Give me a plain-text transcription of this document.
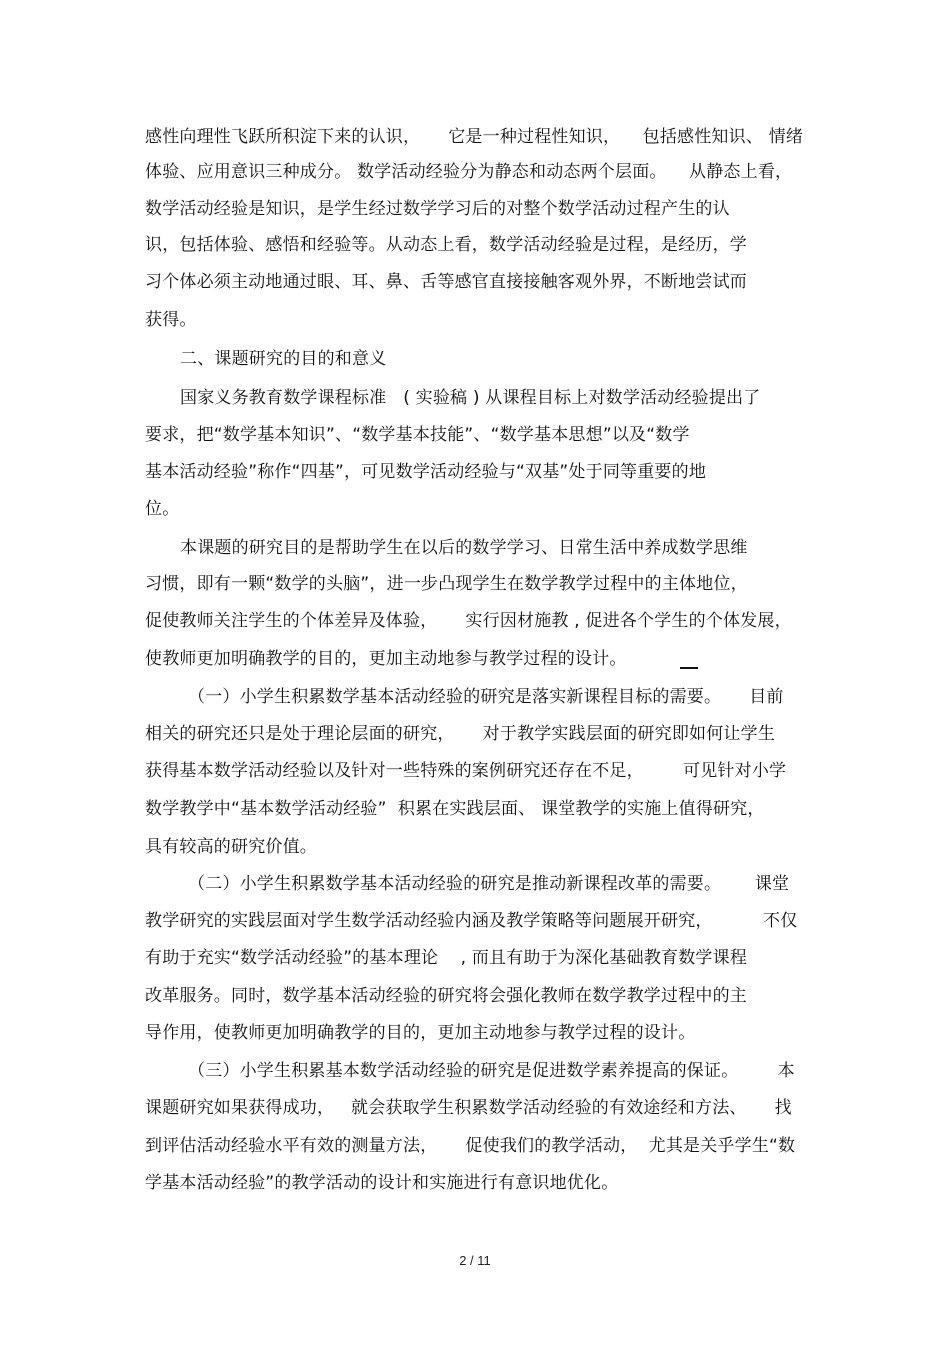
感性向理性飞跃所积淀下来的认识，     它是一种过程性知识，    包括感性知识、 情绪
体验、应用意识三种成分。 数学活动经验分为静态和动态两个层面。    从静态上看，
数学活动经验是知识，是学生经过数学学习后的对整个数学活动过程产生的认
识，包括体验、感悟和经验等。从动态上看，数学活动经验是过程，是经历，学
习个体必须主动地通过眼、耳、鼻、舌等感官直接接触客观外界，不断地尝试而
获得。
二、课题研究的目的和意义
国家义务教育数学课程标准   ( 实验稿 ) 从课程目标上对数学活动经验提出了
要求，把“数学基本知识”、“数学基本技能”、“数学基本思想”以及“数学
基本活动经验”称作“四基”，可见数学活动经验与“双基”处于同等重要的地
位。
本课题的研究目的是帮助学生在以后的数学学习、日常生活中养成数学思维
习惯，即有一颗“数学的头脑”，进一步凸现学生在数学教学过程中的主体地位，
促使教师关注学生的个体差异及体验，     实行因材施教 , 促进各个学生的个体发展，
使教师更加明确教学的目的，更加主动地参与教学过程的设计。
（一）小学生积累数学基本活动经验的研究是落实新课程目标的需要。     目前
相关的研究还只是处于理论层面的研究，     对于教学实践层面的研究即如何让学生
获得基本数学活动经验以及针对一些特殊的案例研究还存在不足，       可见针对小学
数学教学中“基本数学活动经验”  积累在实践层面、 课堂教学的实施上值得研究，
具有较高的研究价值。
（二）小学生积累数学基本活动经验的研究是推动新课程改革的需要。      课堂
教学研究的实践层面对学生数学活动经验内涵及教学策略等问题展开研究，         不仅
有助于充实“数学活动经验”的基本理论    , 而且有助于为深化基础教育数学课程
改革服务。同时，数学基本活动经验的研究将会强化教师在数学教学过程中的主
导作用，使教师更加明确教学的目的，更加主动地参与教学过程的设计。
（三）小学生积累基本数学活动经验的研究是促进数学素养提高的保证。       本
课题研究如果获得成功，   就会获取学生积累数学活动经验的有效途经和方法、     找
到评估活动经验水平有效的测量方法，     促使我们的教学活动，  尤其是关乎学生“数
学基本活动经验”的教学活动的设计和实施进行有意识地优化。
2 / 11
